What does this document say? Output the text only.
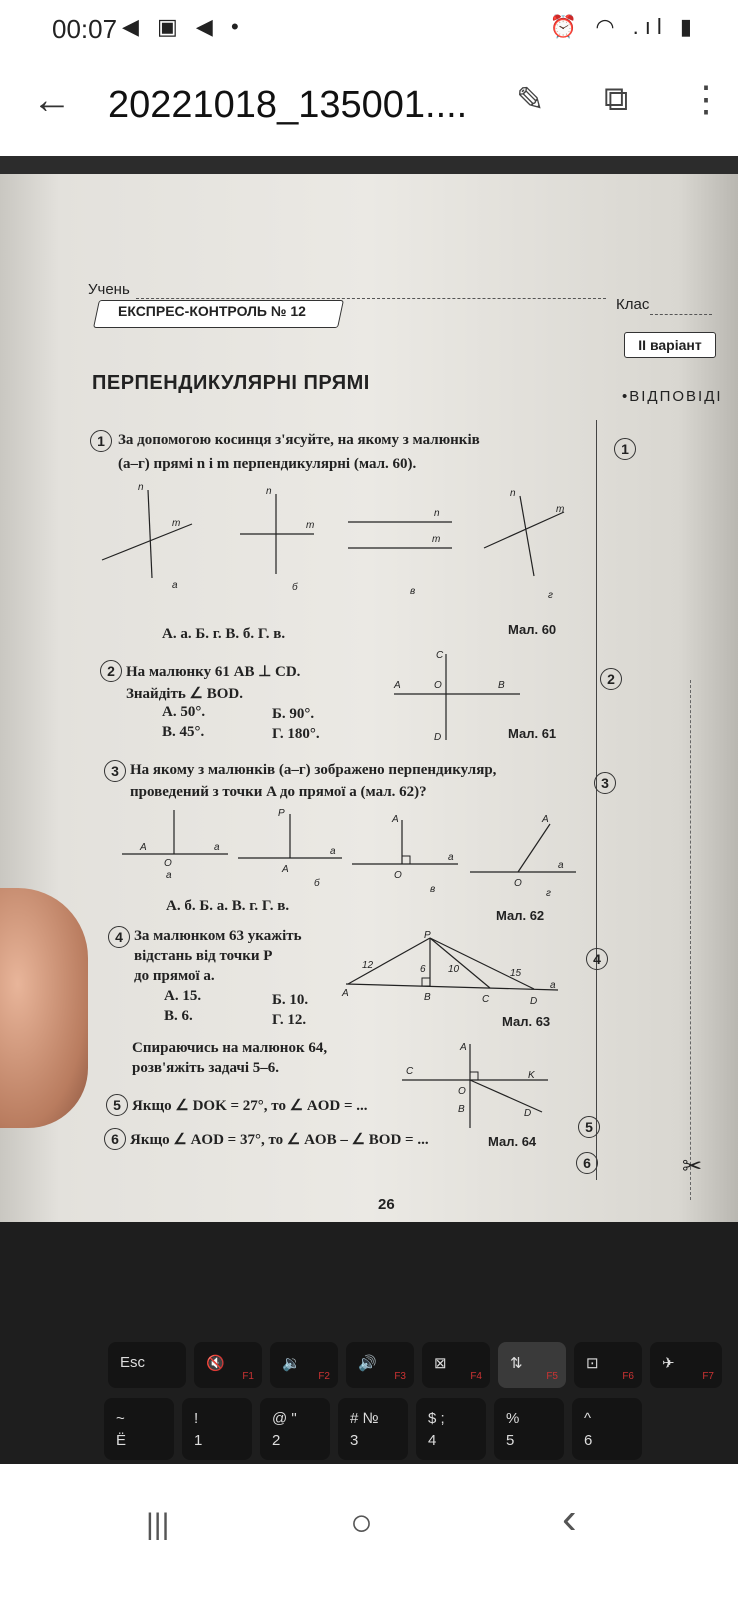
00:07 ◀ ▣ ◀ •	⏰ ◠ .ıl ▮
← 20221018_135001.... ✎ ⧉ ⋮
Учень
Клас
ЕКСПРЕС-КОНТРОЛЬ № 12
II варіант
ПЕРПЕНДИКУЛЯРНІ ПРЯМІ
•ВІДПОВІДІ
1
2
3
4
5
6
1 За допомогою косинця з'ясуйте, на якому з малюнків
(а–г) прямі n і m перпендикулярні (мал. 60).
n
m
а
n
m
б
n
m
в
n
m
г
А. а. Б. г. В. б. Г. в.	Мал. 60
2 На малюнку 61 AB ⊥ CD.
Знайдіть ∠ BOD.
А. 50°.	Б. 90°.
В. 45°.	Г. 180°.
C
A	O	B
D	Мал. 61
3 На якому з малюнків (а–г) зображено перпендикуляр,
проведений з точки A до прямої a (мал. 62)?
A	a
O
а
P
a
A
б
A
a
O
в
A
a
O
г
А. б. Б. а. В. г. Г. в.
Мал. 62
4 За малюнком 63 укажіть
відстань від точки P
до прямої a.
А. 15.	Б. 10.
В. 6.	Г. 12.
P
12	6 10	15
A	B	C	D
a
Мал. 63
Спираючись на малюнок 64,
розв'яжіть задачі 5–6.
A
C	K
O
B	D
5 Якщо ∠ DOK = 27°, то ∠ AOD = ...
6 Якщо ∠ AOD = 37°, то ∠ AOB – ∠ BOD = ...	Мал. 64
✂
26
Esc	🔇
F1
🔉
F2
🔊
F3
⊠
F4
⇅
F5
⊡
F6
✈
F7
~
Ё
!
1
@ "
2
# №
3
$ ;
4
%
5
^
6
|||	○	‹
